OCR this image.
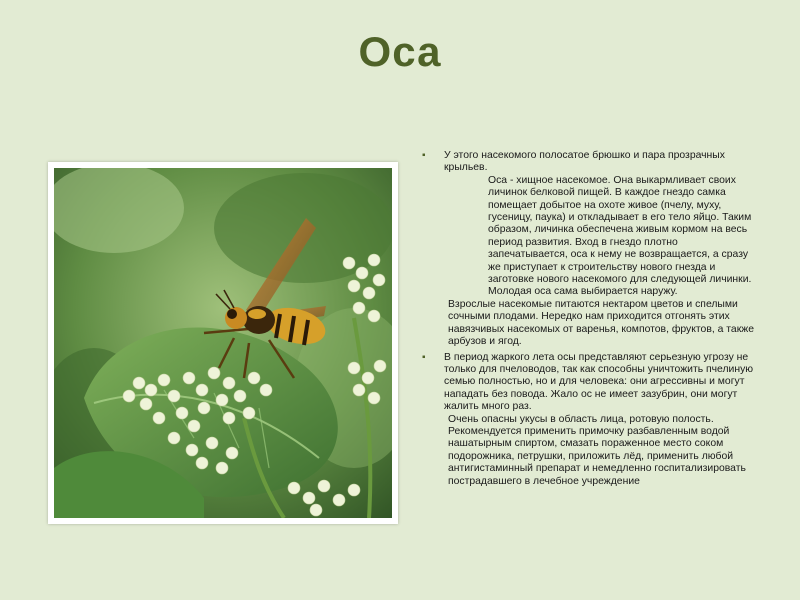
Оса
▪ У этого насекомого полосатое брюшко и пара прозрачных крыльев.
Оса - хищное насекомое. Она выкармливает своих личинок белковой пищей. В каждое гнездо самка помещает добытое на охоте живое (пчелу, муху, гусеницу, паука) и откладывает в его тело яйцо. Таким образом, личинка обеспечена живым кормом на весь период развития. Вход в гнездо плотно запечатывается, оса к нему не возвращается, а сразу же приступает к строительству нового гнезда и заготовке нового насекомого для следующей личинки. Молодая оса сама выбирается наружу.
Взрослые насекомые питаются нектаром цветов и спелыми сочными плодами. Нередко нам приходится отгонять этих навязчивых насекомых от варенья, компотов, фруктов, а также арбузов и ягод.
▪ В период жаркого лета осы представляют серьезную угрозу не только для пчеловодов, так как способны уничтожить пчелиную семью полностью, но и для человека: они агрессивны и могут нападать без повода. Жало ос не имеет зазубрин, они могут жалить много раз.
Очень опасны укусы в область лица, ротовую полость. Рекомендуется применить примочку разбавленным водой нашатырным спиртом, смазать пораженное место соком подорожника, петрушки, приложить лёд, применить любой антигистаминный препарат и немедленно госпитализировать пострадавшего в лечебное учреждение
